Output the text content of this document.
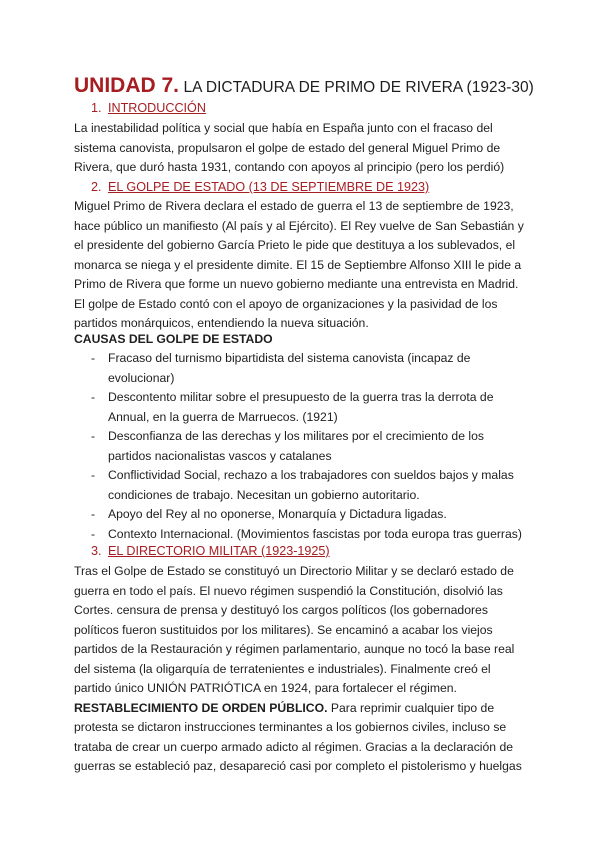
UNIDAD 7. LA DICTADURA DE PRIMO DE RIVERA (1923-30)
1. INTRODUCCIÓN
La inestabilidad política y social que había en España junto con el fracaso del
sistema canovista, propulsaron el golpe de estado del general Miguel Primo de
Rivera, que duró hasta 1931, contando con apoyos al principio (pero los perdió)
2. EL GOLPE DE ESTADO (13 DE SEPTIEMBRE DE 1923)
Miguel Primo de Rivera declara el estado de guerra el 13 de septiembre de 1923,
hace público un manifiesto (Al país y al Ejército). El Rey vuelve de San Sebastián y
el presidente del gobierno García Prieto le pide que destituya a los sublevados, el
monarca se niega y el presidente dimite. El 15 de Septiembre Alfonso XIII le pide a
Primo de Rivera que forme un nuevo gobierno mediante una entrevista en Madrid.
El golpe de Estado contó con el apoyo de organizaciones y la pasividad de los
partidos monárquicos, entendiendo la nueva situación.
CAUSAS DEL GOLPE DE ESTADO
- Fracaso del turnismo bipartidista del sistema canovista (incapaz de
evolucionar)
- Descontento militar sobre el presupuesto de la guerra tras la derrota de
Annual, en la guerra de Marruecos. (1921)
- Desconfianza de las derechas y los militares por el crecimiento de los
partidos nacionalistas vascos y catalanes
- Conflictividad Social, rechazo a los trabajadores con sueldos bajos y malas
condiciones de trabajo. Necesitan un gobierno autoritario.
- Apoyo del Rey al no oponerse, Monarquía y Dictadura ligadas.
- Contexto Internacional. (Movimientos fascistas por toda europa tras guerras)
3. EL DIRECTORIO MILITAR (1923-1925)
Tras el Golpe de Estado se constituyó un Directorio Militar y se declaró estado de
guerra en todo el país. El nuevo régimen suspendió la Constitución, disolvió las
Cortes. censura de prensa y destituyó los cargos políticos (los gobernadores
políticos fueron sustituidos por los militares). Se encaminó a acabar los viejos
partidos de la Restauración y régimen parlamentario, aunque no tocó la base real
del sistema (la oligarquía de terratenientes e industriales). Finalmente creó el
partido único UNIÓN PATRIÓTICA en 1924, para fortalecer el régimen.
RESTABLECIMIENTO DE ORDEN PÚBLICO. Para reprimir cualquier tipo de
protesta se dictaron instrucciones terminantes a los gobiernos civiles, incluso se
trataba de crear un cuerpo armado adicto al régimen. Gracias a la declaración de
guerras se estableció paz, desapareció casi por completo el pistolerismo y huelgas
